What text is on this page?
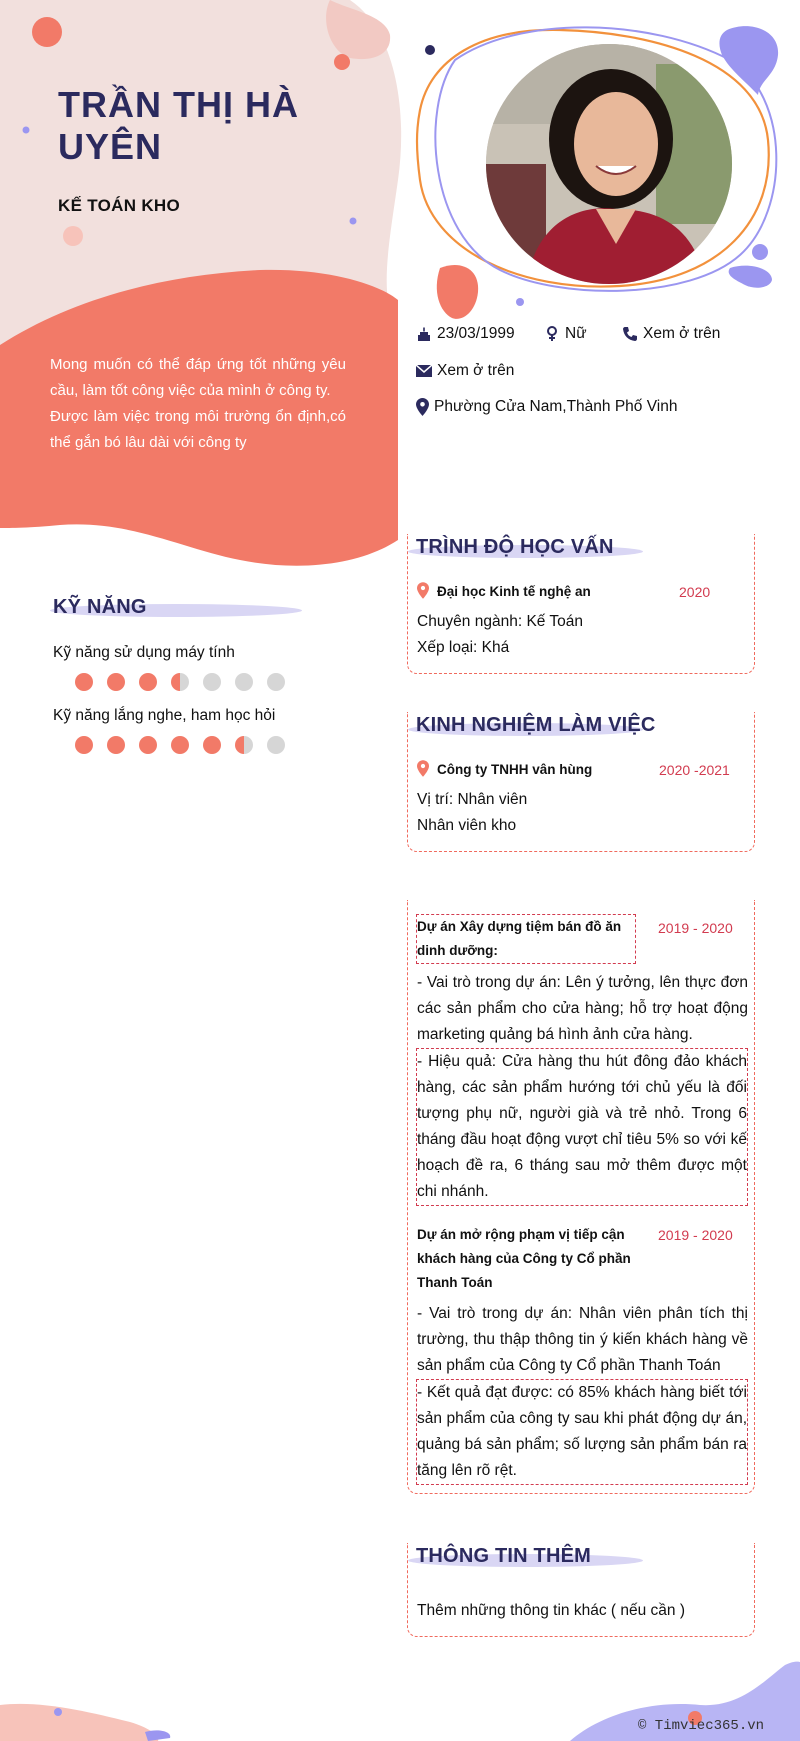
TRẦN THỊ HÀ UYÊN
KẾ TOÁN KHO

Mong muốn có thể đáp ứng tốt những yêu cầu, làm tốt công việc của mình ở công ty.

Được làm việc trong môi trường ổn định,có thể gắn bó lâu dài với công ty

23/03/1999	Nữ	Xem ở trên
Xem ở trên
Phường Cửa Nam,Thành Phố Vinh
KỸ NĂNG
Kỹ năng sử dụng máy tính
Kỹ năng lắng nghe, ham học hỏi
TRÌNH ĐỘ HỌC VẤN
Đại học Kinh tế nghệ an	2020
Chuyên ngành: Kế Toán
Xếp loại: Khá
KINH NGHIỆM LÀM VIỆC
Công ty TNHH vân hùng	2020 -2021
Vị trí: Nhân viên
Nhân viên kho
Dự án Xây dựng tiệm bán đồ ăn dinh dưỡng:
2019 - 2020
- Vai trò trong dự án: Lên ý tưởng, lên thực đơn các sản phẩm cho cửa hàng; hỗ trợ hoạt động marketing quảng bá hình ảnh cửa hàng.
- Hiệu quả: Cửa hàng thu hút đông đảo khách hàng, các sản phẩm hướng tới chủ yếu là đối tượng phụ nữ, người già và trẻ nhỏ. Trong 6 tháng đầu hoạt động vượt chỉ tiêu 5% so với kế hoạch đề ra, 6 tháng sau mở thêm được một chi nhánh.
Dự án mở rộng phạm vị tiếp cận khách hàng của Công ty Cổ phần Thanh Toán
2019 - 2020
- Vai trò trong dự án: Nhân viên phân tích thị trường, thu thập thông tin ý kiến khách hàng về sản phẩm của Công ty Cổ phần Thanh Toán
- Kết quả đạt được: có 85% khách hàng biết tới sản phẩm của công ty sau khi phát động dự án, quảng bá sản phẩm; số lượng sản phẩm bán ra tăng lên rõ rệt.
THÔNG TIN THÊM
Thêm những thông tin khác ( nếu cần )
© Timviec365.vn
